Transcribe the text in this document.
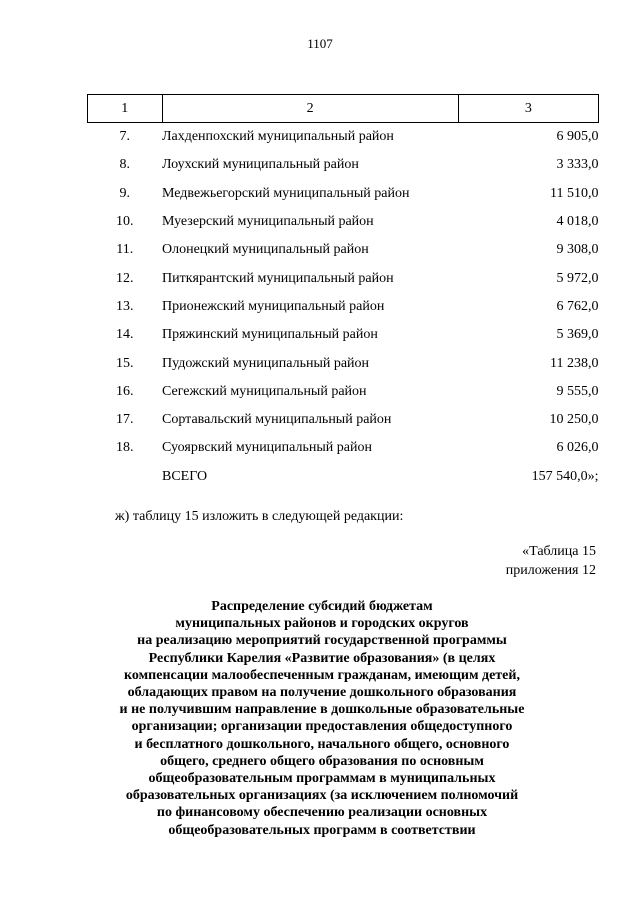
1107
1	2	3
7.	Лахденпохский муниципальный район	6 905,0
8.	Лоухский муниципальный район	3 333,0
9.	Медвежьегорский муниципальный район	11 510,0
10.	Муезерский муниципальный район	4 018,0
11.	Олонецкий муниципальный район	9 308,0
12.	Питкярантский муниципальный район	5 972,0
13.	Прионежский муниципальный район	6 762,0
14.	Пряжинский муниципальный район	5 369,0
15.	Пудожский муниципальный район	11 238,0
16.	Сегежский муниципальный район	9 555,0
17.	Сортавальский муниципальный район	10 250,0
18.	Суоярвский муниципальный район	6 026,0
	ВСЕГО	157 540,0»;
ж) таблицу 15 изложить в следующей редакции:
«Таблица 15
приложения 12
Распределение субсидий бюджетам
муниципальных районов и городских округов
на реализацию мероприятий государственной программы
Республики Карелия «Развитие образования» (в целях
компенсации малообеспеченным гражданам, имеющим детей,
обладающих правом на получение дошкольного образования
и не получившим направление в дошкольные образовательные
организации; организации предоставления общедоступного
и бесплатного дошкольного, начального общего, основного
общего, среднего общего образования по основным
общеобразовательным программам в муниципальных
образовательных организациях (за исключением полномочий
по финансовому обеспечению реализации основных
общеобразовательных программ в соответствии
